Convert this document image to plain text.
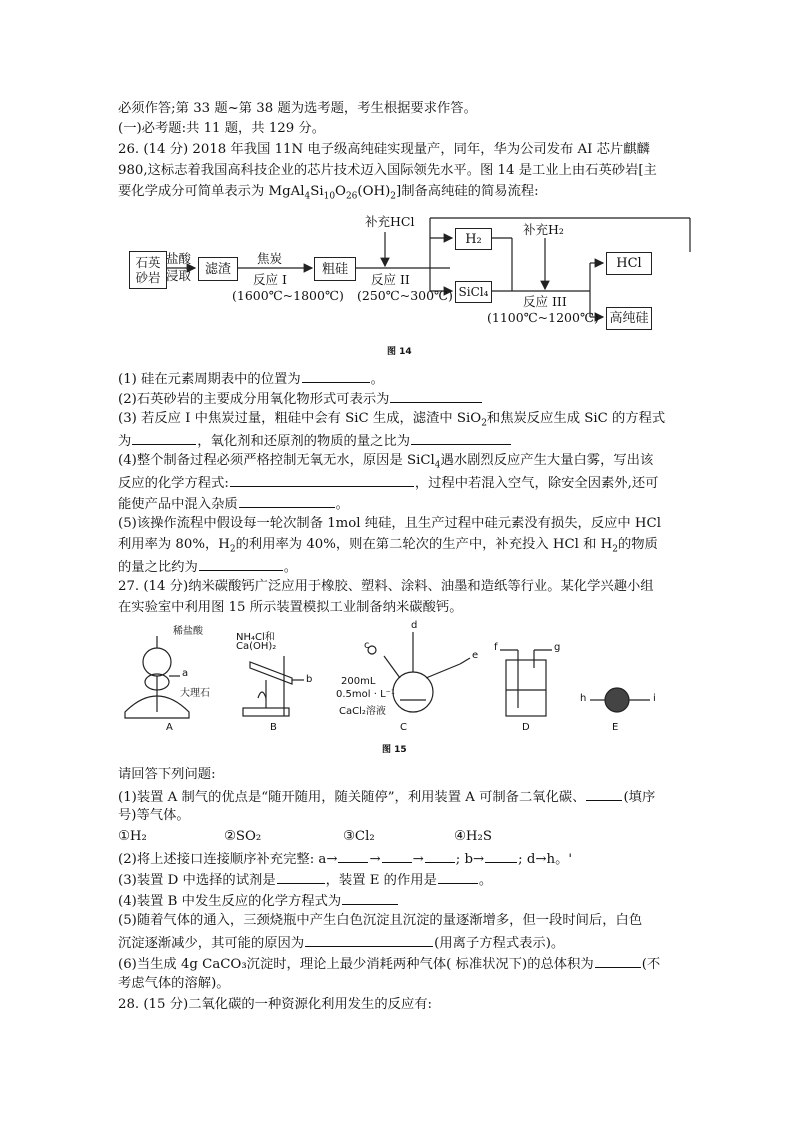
必须作答;第 33 题~第 38 题为选考题，考生根据要求作答。
(一)必考题:共 11 题，共 129 分。
26. (14 分) 2018 年我国 11N 电子级高纯硅实现量产，同年，华为公司发布 AI 芯片麒麟
980,这标志着我国高科技企业的芯片技术迈入国际领先水平。图 14 是工业上由石英砂岩[主
要化学成分可简单表示为 $MgAl_4Si_{10}O_{26}(OH)_2$]制备高纯硅的简易流程:
石英
砂岩
盐酸
浸取	滤渣
焦炭
反应 I
(1600℃~1800℃)
粗硅
补充HCl
反应 II
(250℃~300℃)
H₂
SiCl₄
补充H₂
反应 III
(1100℃~1200℃)
HCl
高纯硅
图 14
(1) 硅在元素周期表中的位置为	。
(2)石英砂岩的主要成分用氧化物形式可表示为
(3) 若反应 I 中焦炭过量，粗硅中会有 SiC 生成，滤渣中 SiO$_2$和焦炭反应生成 SiC 的方程式
为	，氧化剂和还原剂的物质的量之比为
(4)整个制备过程必须严格控制无氧无水，原因是 SiCl$_4$遇水剧烈反应产生大量白雾，写出该
反应的化学方程式:	，过程中若混入空气，除安全因素外,还可
能使产品中混入杂质	。
(5)该操作流程中假设每一轮次制备 1mol 纯硅，且生产过程中硅元素没有损失，反应中 HCl
利用率为 80%，$H_2$的利用率为 40%，则在第二轮次的生产中，补充投入 HCl 和 $H_2$的物质
的量之比约为	。
27. (14 分)纳米碳酸钙广泛应用于橡胶、塑料、涂料、油墨和造纸等行业。某化学兴趣小组
在实验室中利用图 15 所示装置模拟工业制备纳米碳酸钙。
稀盐酸
大理石
NH₄Cl和
Ca(OH)₂
200mL
0.5mol · L⁻¹
CaCl₂溶液
A	B	C	D	E
a
b
c
d
e
f	g
h	i
图 15
请回答下列问题:
(1)装置 A 制气的优点是“随开随用，随关随停”，利用装置 A 可制备二氧化碳、	(填序
号)等气体。
①H₂	②SO₂	③Cl₂	④H₂S
(2)将上述接口连接顺序补充完整: a→ → → ; b→	; d→h。'
(3)装置 D 中选择的试剂是	，装置 E 的作用是	。
(4)装置 B 中发生反应的化学方程式为
(5)随着气体的通入，三颈烧瓶中产生白色沉淀且沉淀的量逐渐增多，但一段时间后，白色
沉淀逐渐减少，其可能的原因为	(用离子方程式表示)。
(6)当生成 4g CaCO₃沉淀时，理论上最少消耗两种气体( 标准状况下)的总体积为	(不
考虑气体的溶解)。
28. (15 分)二氧化碳的一种资源化利用发生的反应有:
